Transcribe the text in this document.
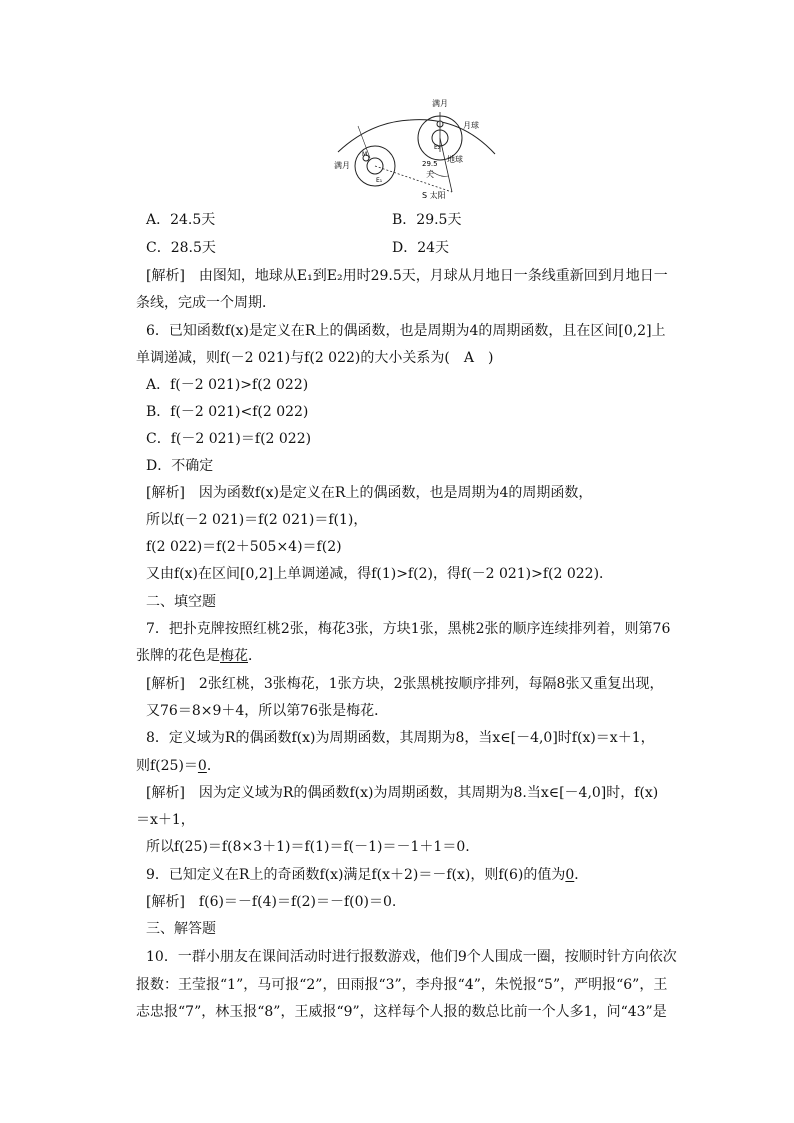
满月
月球
地球
满月	29.5
天
S 太阳
E₂
E₁
M
A．24.5天	B．29.5天
C．28.5天	D．24天
[解析]　由图知，地球从E₁到E₂用时29.5天，月球从月地日一条线重新回到月地日一
条线，完成一个周期．
6．已知函数f(x)是定义在R上的偶函数，也是周期为4的周期函数，且在区间[0,2]上
单调递减，则f(－2 021)与f(2 022)的大小关系为(　A　)
A．f(－2 021)>f(2 022)
B．f(－2 021)<f(2 022)
C．f(－2 021)＝f(2 022)
D．不确定
[解析]　因为函数f(x)是定义在R上的偶函数，也是周期为4的周期函数，
所以f(－2 021)＝f(2 021)＝f(1)，
f(2 022)＝f(2＋505×4)＝f(2)
又由f(x)在区间[0,2]上单调递减，得f(1)>f(2)，得f(－2 021)>f(2 022)．
二、填空题
7．把扑克牌按照红桃2张，梅花3张，方块1张，黑桃2张的顺序连续排列着，则第76
张牌的花色是梅花．
[解析]　2张红桃，3张梅花，1张方块，2张黑桃按顺序排列，每隔8张又重复出现，
又76＝8×9＋4，所以第76张是梅花．
8．定义域为R的偶函数f(x)为周期函数，其周期为8，当x∈[－4,0]时f(x)＝x＋1，
则f(25)＝0．
[解析]　因为定义域为R的偶函数f(x)为周期函数，其周期为8.当x∈[－4,0]时，f(x)
＝x＋1，
所以f(25)＝f(8×3＋1)＝f(1)＝f(－1)＝－1＋1＝0.
9．已知定义在R上的奇函数f(x)满足f(x＋2)＝－f(x)，则f(6)的值为0．
[解析]　f(6)＝－f(4)＝f(2)＝－f(0)＝0.
三、解答题
10．一群小朋友在课间活动时进行报数游戏，他们9个人围成一圈，按顺时针方向依次
报数：王莹报“1”，马可报“2”，田雨报“3”，李舟报“4”，朱悦报“5”，严明报“6”，王
志忠报“7”，林玉报“8”，王威报“9”，这样每个人报的数总比前一个人多1，问“43”是
